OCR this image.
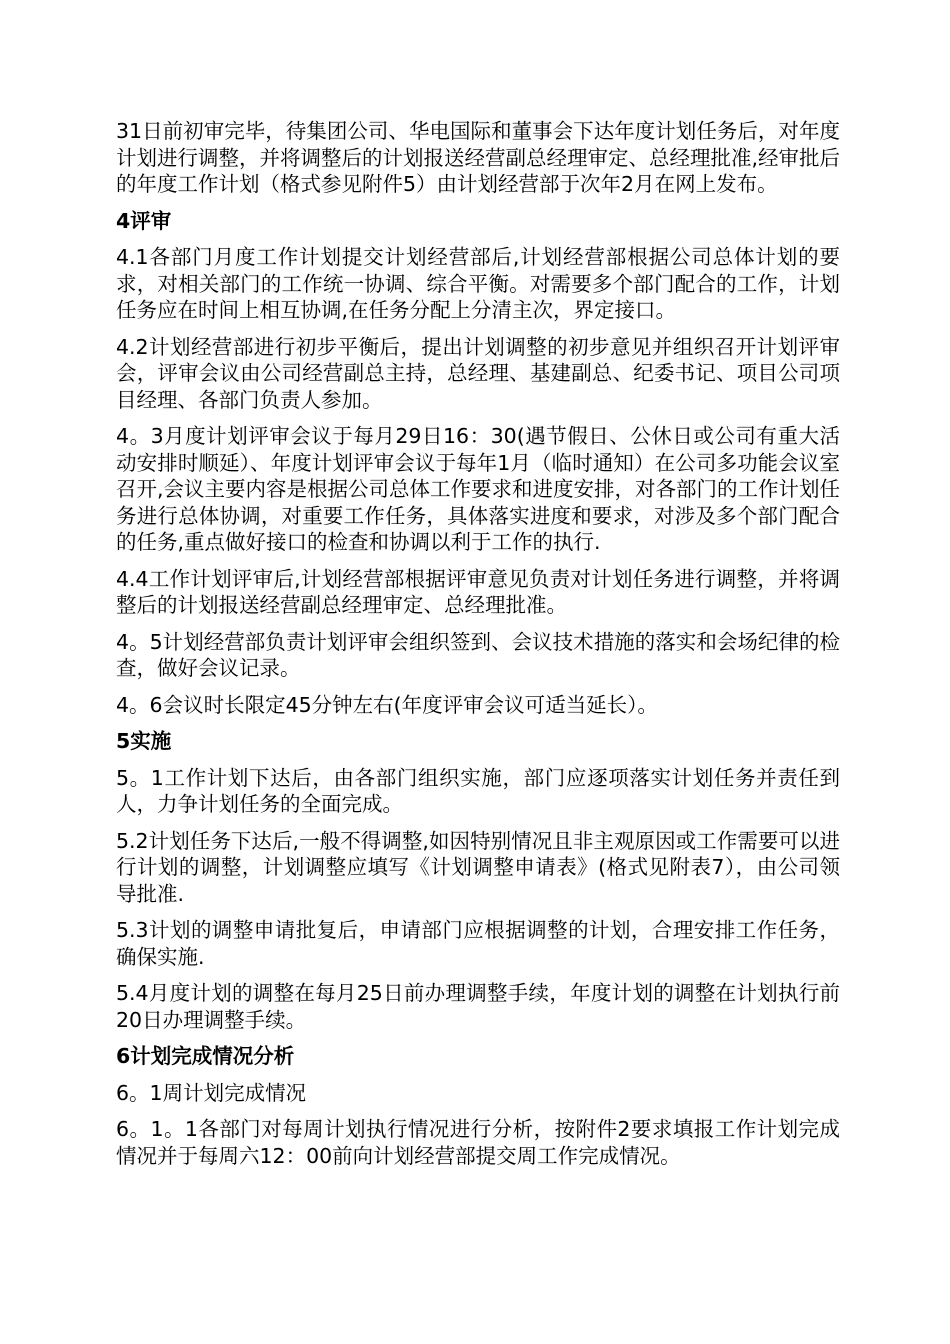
31日前初审完毕，待集团公司、华电国际和董事会下达年度计划任务后，对年度计划进行调整，并将调整后的计划报送经营副总经理审定、总经理批准,经审批后的年度工作计划（格式参见附件5）由计划经营部于次年2月在网上发布。

4评审

4.1各部门月度工作计划提交计划经营部后,计划经营部根据公司总体计划的要求，对相关部门的工作统一协调、综合平衡。对需要多个部门配合的工作，计划任务应在时间上相互协调,在任务分配上分清主次，界定接口。

4.2计划经营部进行初步平衡后，提出计划调整的初步意见并组织召开计划评审会，评审会议由公司经营副总主持，总经理、基建副总、纪委书记、项目公司项目经理、各部门负责人参加。

4。3月度计划评审会议于每月29日16：30(遇节假日、公休日或公司有重大活动安排时顺延）、年度计划评审会议于每年1月（临时通知）在公司多功能会议室召开,会议主要内容是根据公司总体工作要求和进度安排，对各部门的工作计划任务进行总体协调，对重要工作任务，具体落实进度和要求，对涉及多个部门配合的任务,重点做好接口的检查和协调以利于工作的执行.

4.4工作计划评审后,计划经营部根据评审意见负责对计划任务进行调整，并将调整后的计划报送经营副总经理审定、总经理批准。

4。5计划经营部负责计划评审会组织签到、会议技术措施的落实和会场纪律的检查，做好会议记录。

4。6会议时长限定45分钟左右(年度评审会议可适当延长）。

5实施

5。1工作计划下达后，由各部门组织实施，部门应逐项落实计划任务并责任到人，力争计划任务的全面完成。

5.2计划任务下达后,一般不得调整,如因特别情况且非主观原因或工作需要可以进行计划的调整，计划调整应填写《计划调整申请表》(格式见附表7），由公司领导批准.

5.3计划的调整申请批复后，申请部门应根据调整的计划，合理安排工作任务，确保实施.

5.4月度计划的调整在每月25日前办理调整手续，年度计划的调整在计划执行前20日办理调整手续。

6计划完成情况分析

6。1周计划完成情况

6。1。1各部门对每周计划执行情况进行分析，按附件2要求填报工作计划完成情况并于每周六12：00前向计划经营部提交周工作完成情况。
